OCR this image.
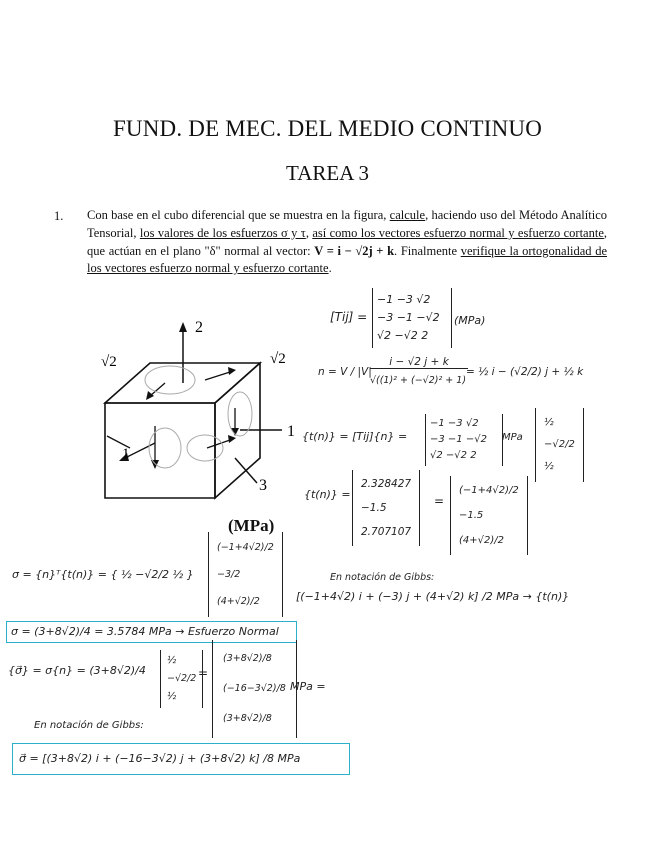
FUND. DE MEC. DEL MEDIO CONTINUO
TAREA 3
1. Con base en el cubo diferencial que se muestra en la figura, calcule, haciendo uso del Método Analítico Tensorial, los valores de los esfuerzos σ y τ, así como los vectores esfuerzo normal y esfuerzo cortante, que actúan en el plano "δ" normal al vector: V = i − √2j + k. Finalmente verifique la ortogonalidad de los vectores esfuerzo normal y esfuerzo cortante.
2
1
3
√2	√2
1
(MPa)
[Tij] =
−1 −3 √2
−3 −1 −√2
√2 −√2 2
(MPa)
n = V / |V|
i − √2 j + k
√((1)² + (−√2)² + 1)
= ½ i − (√2/2) j + ½ k
{t(n)} = [Tij]{n} =
−1 −3 √2
−3 −1 −√2
√2 −√2 2
MPa
½
−√2/2
½
{t(n)} =
2.328427
−1.5
2.707107
=
(−1+4√2)/2
−1.5
(4+√2)/2
En notación de Gibbs:
[(−1+4√2) i + (−3) j + (4+√2) k] /2 MPa → {t(n)}
σ = {n}ᵀ{t(n)} = { ½ −√2/2 ½ }
(−1+4√2)/2
−3/2
(4+√2)/2
σ = (3+8√2)/4 = 3.5784 MPa → Esfuerzo Normal
{σ⃗} = σ{n} = (3+8√2)/4
½
−√2/2
½
=
(3+8√2)/8
(−16−3√2)/8
(3+8√2)/8
MPa =
En notación de Gibbs:
σ⃗ = [(3+8√2) i + (−16−3√2) j + (3+8√2) k] /8 MPa
